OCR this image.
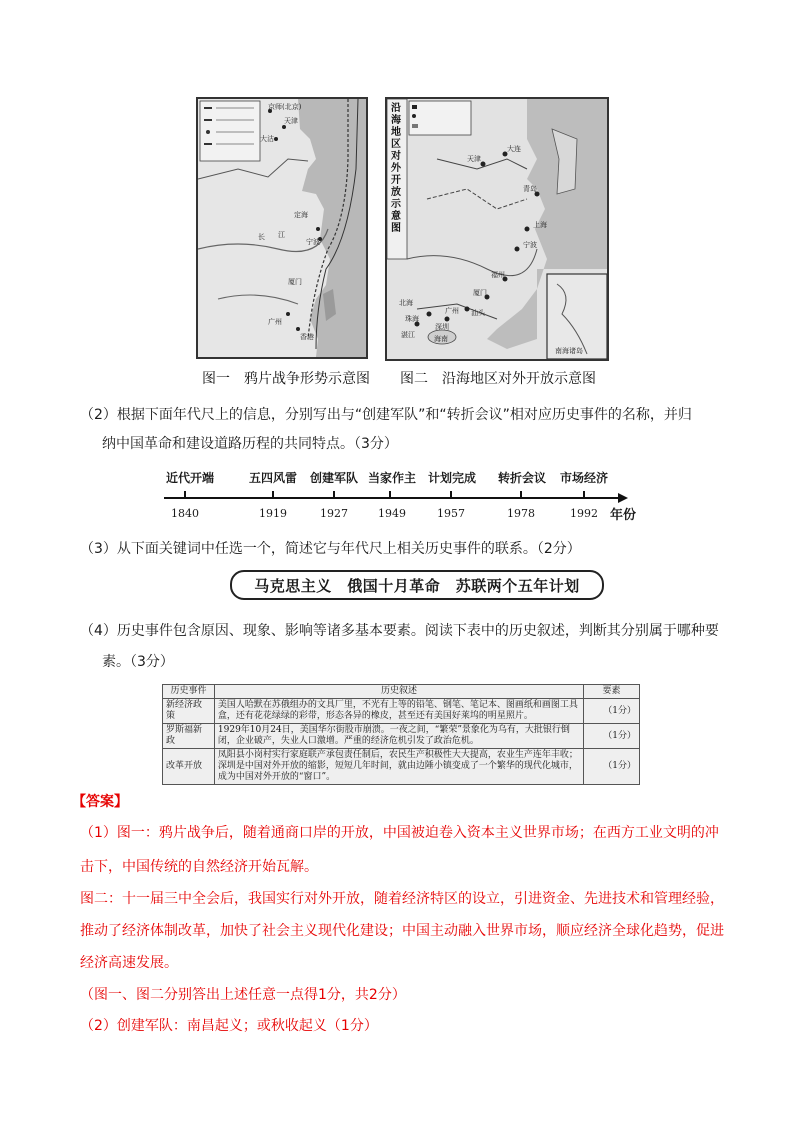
京师(北京)
天津
大沽
长 江
定海
宁波
厦门
广州
香港
大连
天津
青岛
上海
宁波
福州
厦门
汕头
广州
深圳
珠海
海南
北海
湛江
南海诸岛
沿海地区对外开放示意图
图一　鸦片战争形势示意图 图二　沿海地区对外开放示意图
（2）根据下面年代尺上的信息，分别写出与“创建军队”和“转折会议”相对应历史事件的名称，并归
纳中国革命和建设道路历程的共同特点。（3分）
近代开端	五四风雷 创建军队 当家作主 计划完成 转折会议 市场经济
1840	1919	1927	1949	1957	1978	1992 年份
（3）从下面关键词中任选一个，简述它与年代尺上相关历史事件的联系。（2分）
马克思主义　俄国十月革命　苏联两个五年计划
（4）历史事件包含原因、现象、影响等诸多基本要素。阅读下表中的历史叙述，判断其分别属于哪种要
素。（3分）
历史事件	历史叙述	要素
新经济政策	美国人哈默在苏俄组办的文具厂里，不光有上等的铅笔、钢笔、笔记本、图画纸和画图工具盒，还有花花绿绿的彩带，形态各异的橡皮，甚至还有美国好莱坞的明星照片。	（1分）
罗斯福新政	1929年10月24日，美国华尔街股市崩溃。一夜之间，“繁荣”景象化为乌有，大批银行倒闭，企业破产，失业人口激增。严重的经济危机引发了政治危机。	（1分）
改革开放	凤阳县小岗村实行家庭联产承包责任制后，农民生产积极性大大提高，农业生产连年丰收；深圳是中国对外开放的缩影，短短几年时间，就由边陲小镇变成了一个繁华的现代化城市，成为中国对外开放的“窗口”。	（1分）
【答案】
（1）图一：鸦片战争后，随着通商口岸的开放，中国被迫卷入资本主义世界市场；在西方工业文明的冲
击下，中国传统的自然经济开始瓦解。
图二：十一届三中全会后，我国实行对外开放，随着经济特区的设立，引进资金、先进技术和管理经验，
推动了经济体制改革，加快了社会主义现代化建设；中国主动融入世界市场，顺应经济全球化趋势，促进
经济高速发展。
（图一、图二分别答出上述任意一点得1分，共2分）
（2）创建军队：南昌起义；或秋收起义（1分）
